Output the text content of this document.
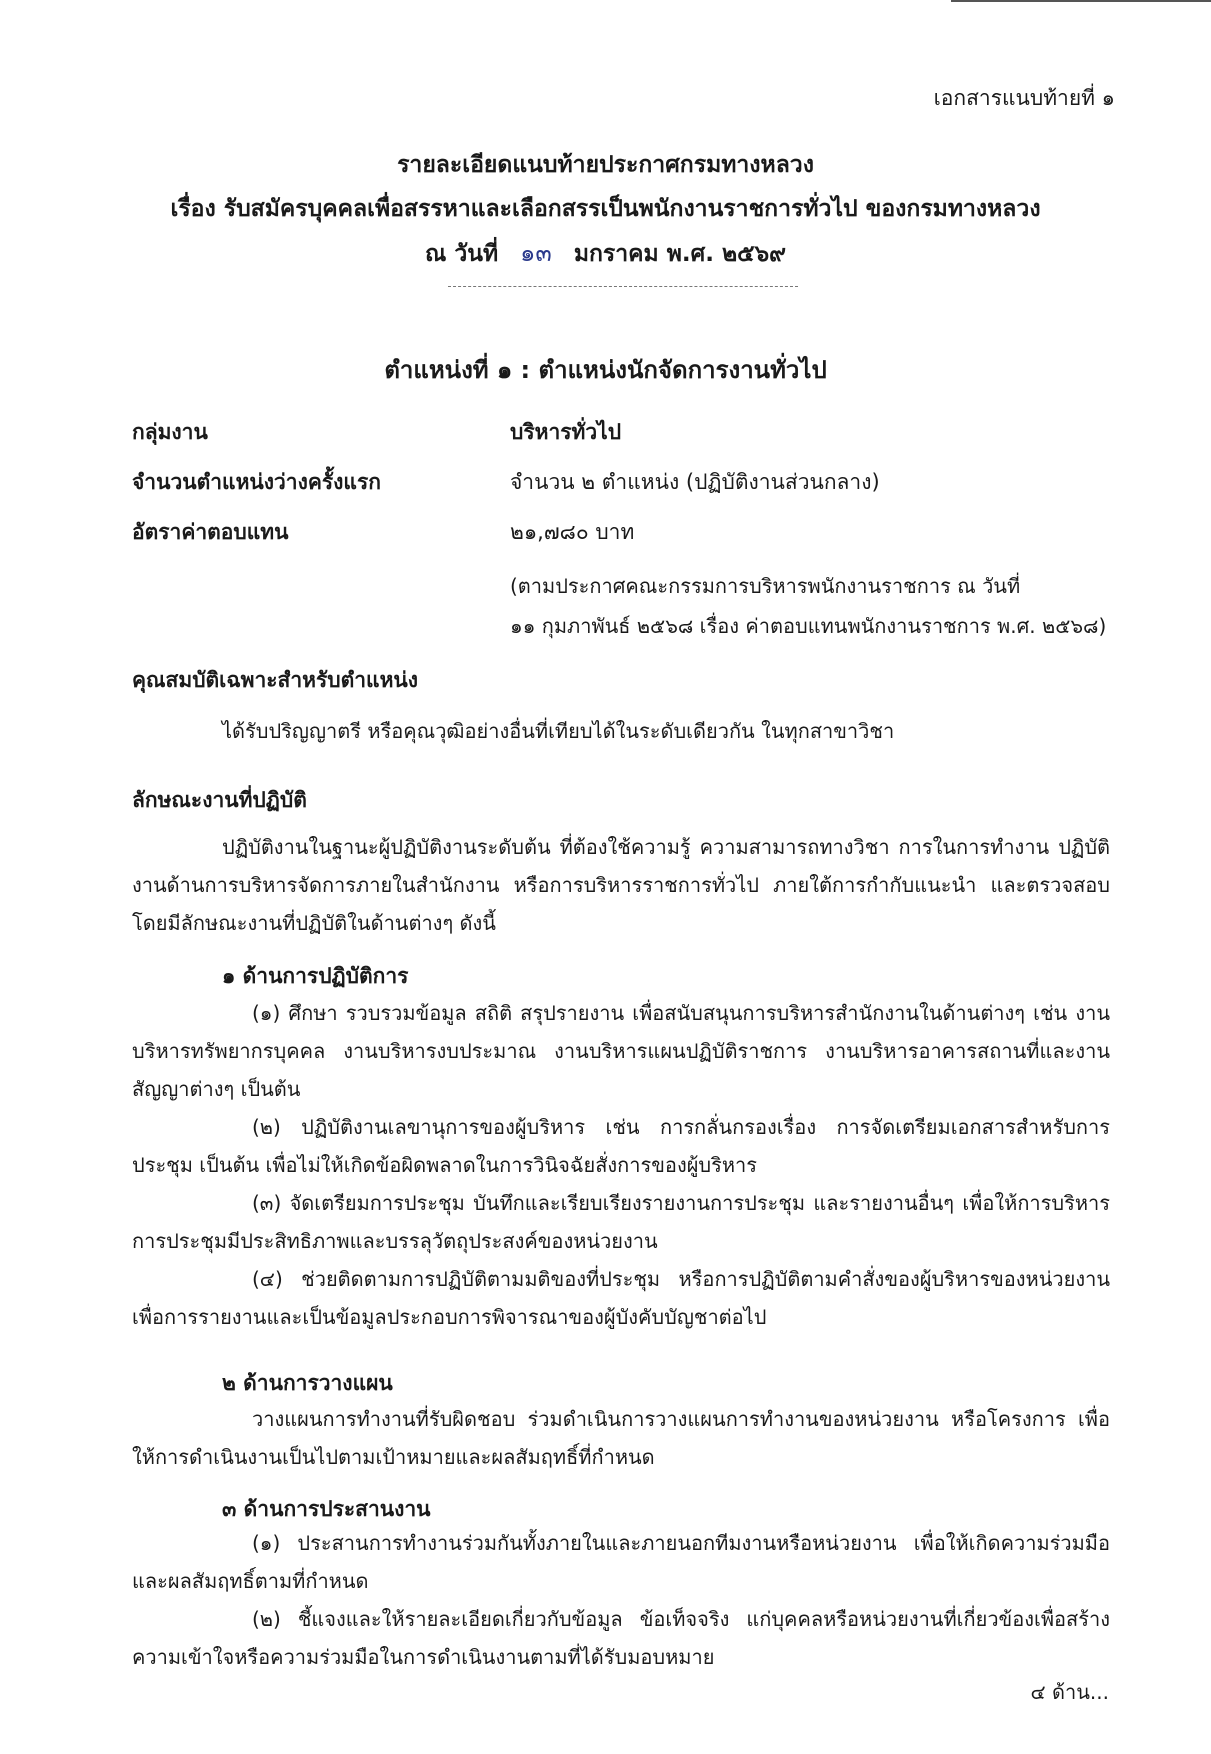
เอกสารแนบท้ายที่ ๑
รายละเอียดแนบท้ายประกาศกรมทางหลวง
เรื่อง รับสมัครบุคคลเพื่อสรรหาและเลือกสรรเป็นพนักงานราชการทั่วไป ของกรมทางหลวง
ณ วันที่ ๑๓ มกราคม พ.ศ. ๒๕๖๙
ตำแหน่งที่ ๑ : ตำแหน่งนักจัดการงานทั่วไป
กลุ่มงาน	บริหารทั่วไป
จำนวนตำแหน่งว่างครั้งแรก	จำนวน ๒ ตำแหน่ง (ปฏิบัติงานส่วนกลาง)
อัตราค่าตอบแทน	๒๑,๗๘๐ บาท
(ตามประกาศคณะกรรมการบริหารพนักงานราชการ ณ วันที่
๑๑ กุมภาพันธ์ ๒๕๖๘ เรื่อง ค่าตอบแทนพนักงานราชการ พ.ศ. ๒๕๖๘)
คุณสมบัติเฉพาะสำหรับตำแหน่ง
ได้รับปริญญาตรี หรือคุณวุฒิอย่างอื่นที่เทียบได้ในระดับเดียวกัน ในทุกสาขาวิชา
ลักษณะงานที่ปฏิบัติ
ปฏิบัติงานในฐานะผู้ปฏิบัติงานระดับต้น ที่ต้องใช้ความรู้ ความสามารถทางวิชา การในการทำงาน ปฏิบัติงานด้านการบริหารจัดการภายในสำนักงาน หรือการบริหารราชการทั่วไป ภายใต้การกำกับแนะนำ และตรวจสอบ โดยมีลักษณะงานที่ปฏิบัติในด้านต่างๆ ดังนี้
๑ ด้านการปฏิบัติการ
(๑) ศึกษา รวบรวมข้อมูล สถิติ สรุปรายงาน เพื่อสนับสนุนการบริหารสำนักงานในด้านต่างๆ เช่น งานบริหารทรัพยากรบุคคล งานบริหารงบประมาณ งานบริหารแผนปฏิบัติราชการ งานบริหารอาคารสถานที่และงานสัญญาต่างๆ เป็นต้น
(๒) ปฏิบัติงานเลขานุการของผู้บริหาร เช่น การกลั่นกรองเรื่อง การจัดเตรียมเอกสารสำหรับการประชุม เป็นต้น เพื่อไม่ให้เกิดข้อผิดพลาดในการวินิจฉัยสั่งการของผู้บริหาร
(๓) จัดเตรียมการประชุม บันทึกและเรียบเรียงรายงานการประชุม และรายงานอื่นๆ เพื่อให้การบริหารการประชุมมีประสิทธิภาพและบรรลุวัตถุประสงค์ของหน่วยงาน
(๔) ช่วยติดตามการปฏิบัติตามมติของที่ประชุม หรือการปฏิบัติตามคำสั่งของผู้บริหารของหน่วยงาน เพื่อการรายงานและเป็นข้อมูลประกอบการพิจารณาของผู้บังคับบัญชาต่อไป
๒ ด้านการวางแผน
วางแผนการทำงานที่รับผิดชอบ ร่วมดำเนินการวางแผนการทำงานของหน่วยงาน หรือโครงการ เพื่อให้การดำเนินงานเป็นไปตามเป้าหมายและผลสัมฤทธิ์ที่กำหนด
๓ ด้านการประสานงาน
(๑) ประสานการทำงานร่วมกันทั้งภายในและภายนอกทีมงานหรือหน่วยงาน เพื่อให้เกิดความร่วมมือ และผลสัมฤทธิ์ตามที่กำหนด
(๒) ชี้แจงและให้รายละเอียดเกี่ยวกับข้อมูล ข้อเท็จจริง แก่บุคคลหรือหน่วยงานที่เกี่ยวข้องเพื่อสร้าง ความเข้าใจหรือความร่วมมือในการดำเนินงานตามที่ได้รับมอบหมาย
๔ ด้าน...
